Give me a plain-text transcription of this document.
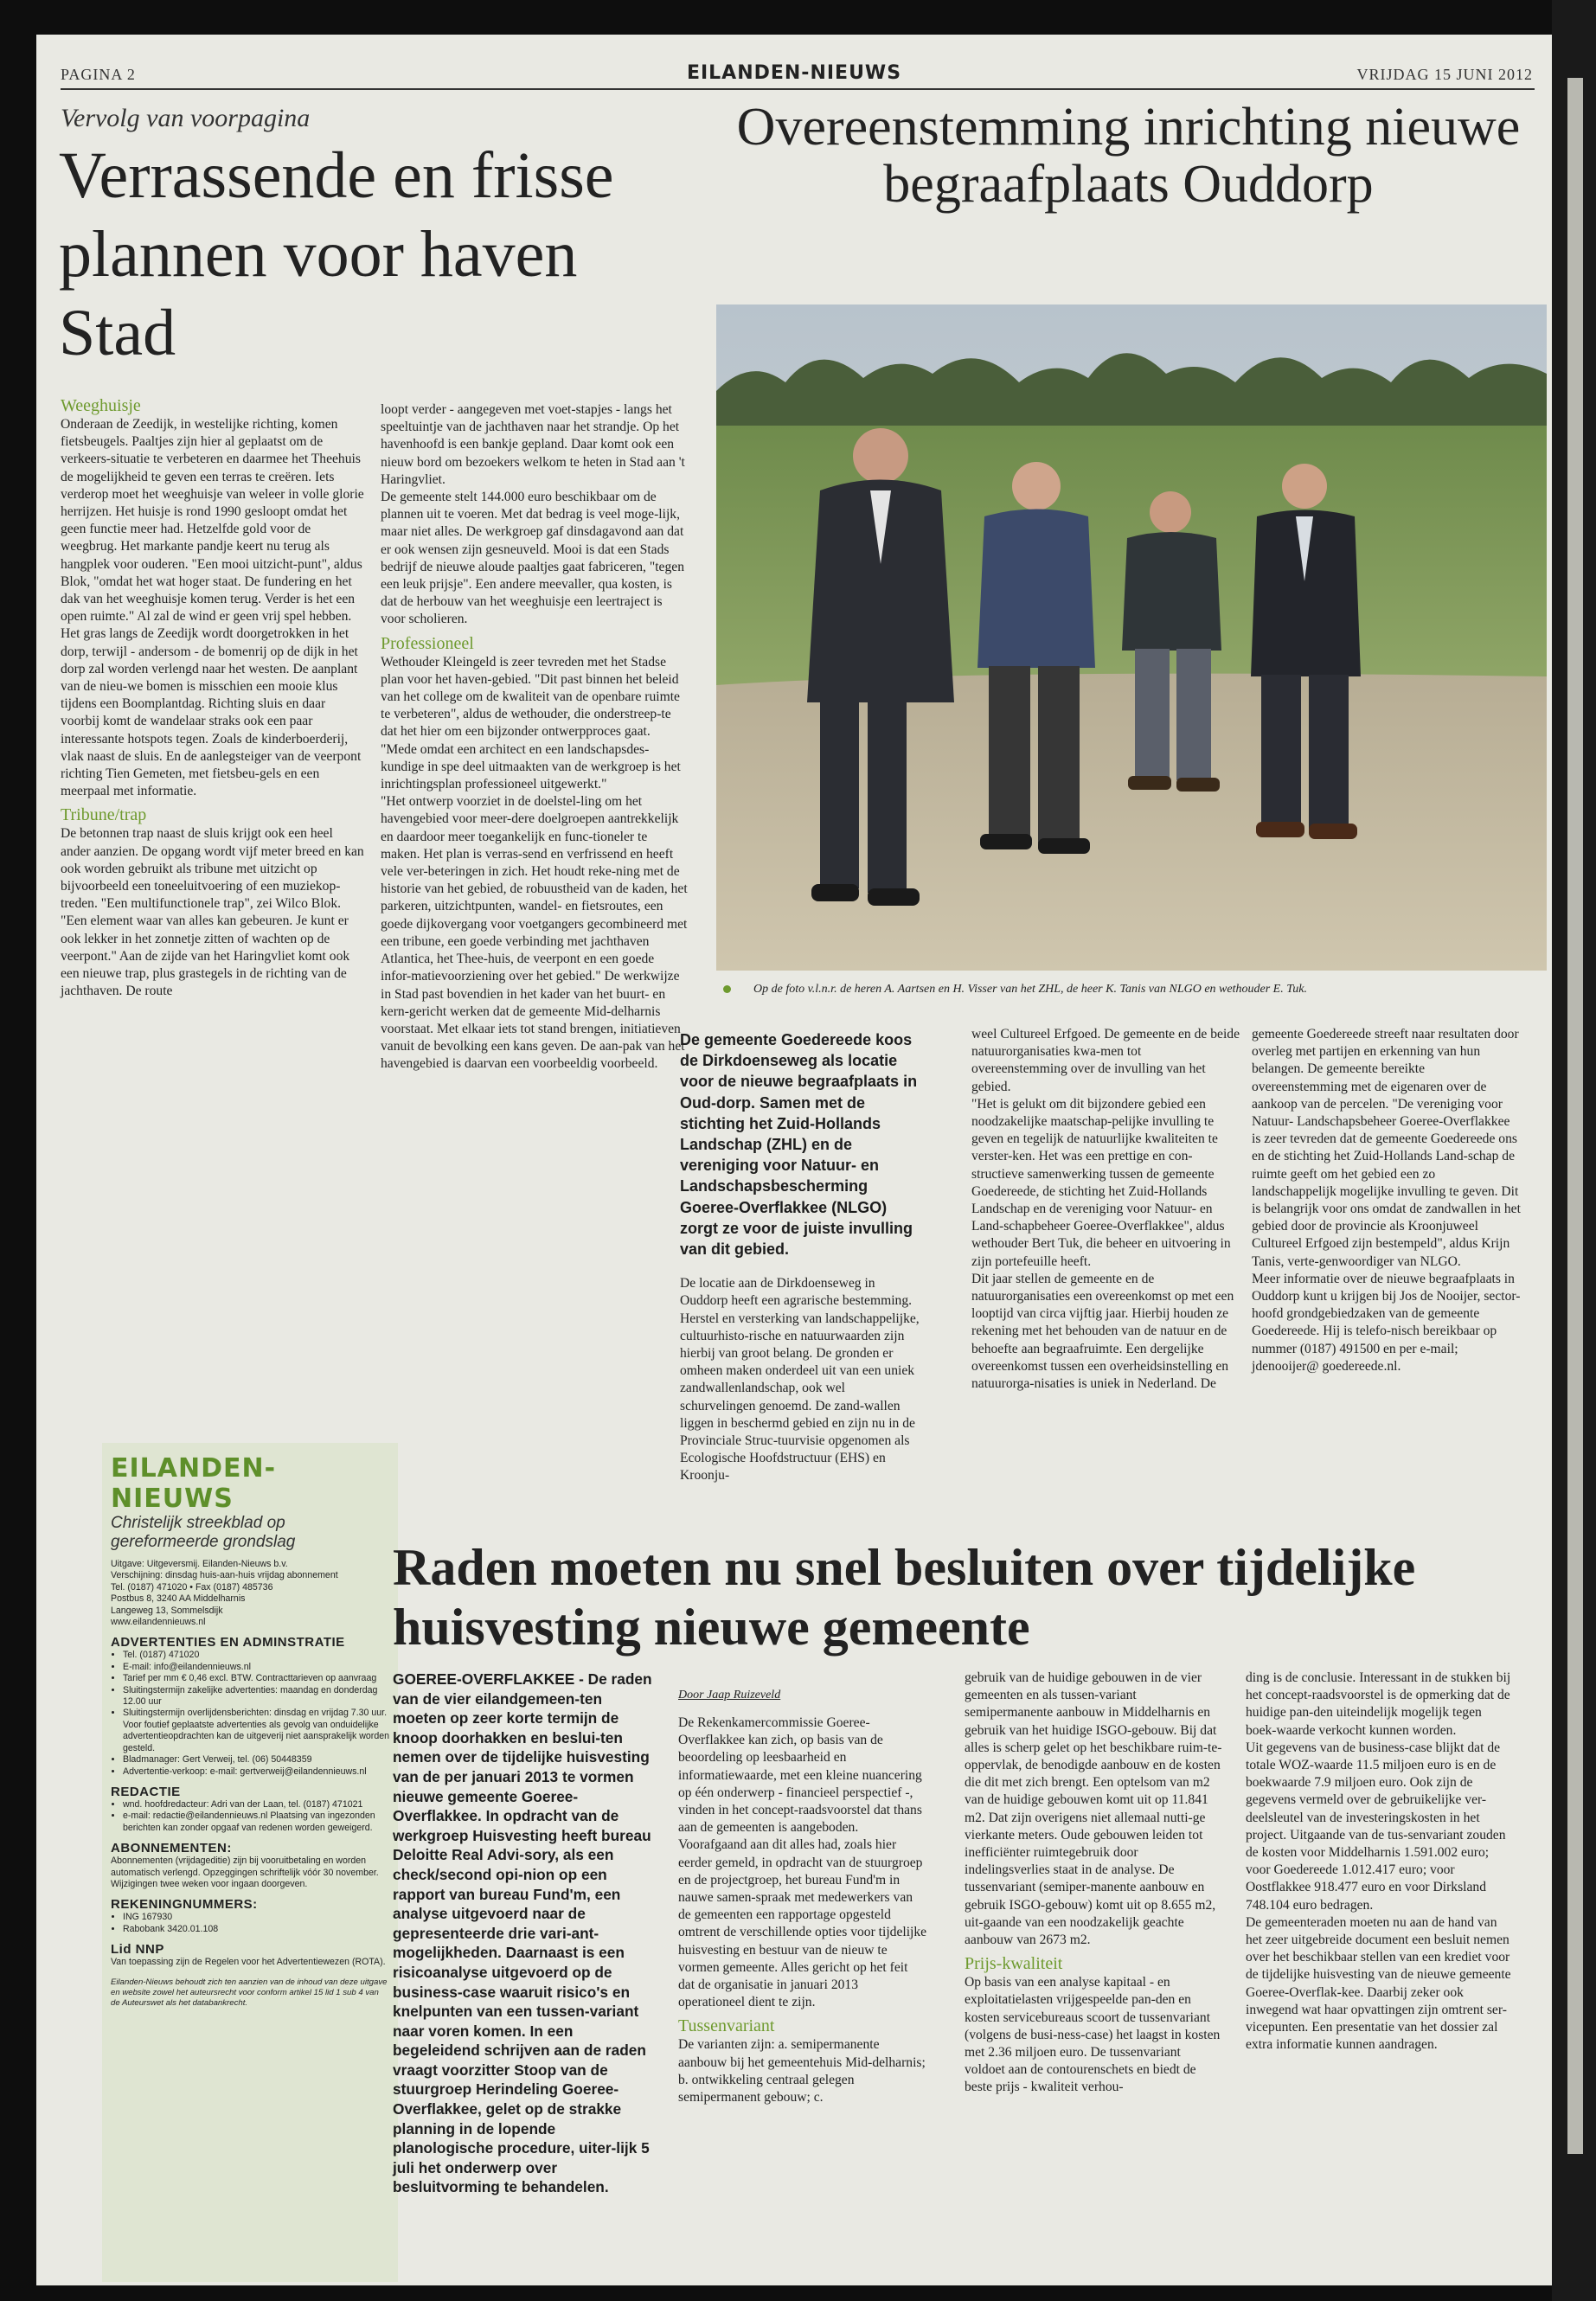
PAGINA 2	EILANDEN-NIEUWS	VRIJDAG 15 JUNI 2012
Vervolg van voorpagina
Verrassende en frisse plannen voor haven Stad
Weeghuisje
Onderaan de Zeedijk, in westelijke richting, komen fietsbeugels. Paaltjes zijn hier al geplaatst om de verkeers-situatie te verbeteren en daarmee het Theehuis de mogelijkheid te geven een terras te creëren. Iets verderop moet het weeghuisje van weleer in volle glorie herrijzen. Het huisje is rond 1990 gesloopt omdat het geen functie meer had. Hetzelfde gold voor de weegbrug. Het markante pandje keert nu terug als hangplek voor ouderen. "Een mooi uitzicht-punt", aldus Blok, "omdat het wat hoger staat. De fundering en het dak van het weeghuisje komen terug. Verder is het een open ruimte." Al zal de wind er geen vrij spel hebben. Het gras langs de Zeedijk wordt doorgetrokken in het dorp, terwijl - andersom - de bomenrij op de dijk in het dorp zal worden verlengd naar het westen. De aanplant van de nieu-we bomen is misschien een mooie klus tijdens een Boomplantdag. Richting sluis en daar voorbij komt de wandelaar straks ook een paar interessante hotspots tegen. Zoals de kinderboerderij, vlak naast de sluis. En de aanlegsteiger van de veerpont richting Tien Gemeten, met fietsbeu-gels en een meerpaal met informatie.
Tribune/trap
De betonnen trap naast de sluis krijgt ook een heel ander aanzien. De opgang wordt vijf meter breed en kan ook worden gebruikt als tribune met uitzicht op bijvoorbeeld een toneeluitvoering of een muziekop-treden. "Een multifunctionele trap", zei Wilco Blok. "Een element waar van alles kan gebeuren. Je kunt er ook lekker in het zonnetje zitten of wachten op de veerpont." Aan de zijde van het Haringvliet komt ook een nieuwe trap, plus grastegels in de richting van de jachthaven. De route
loopt verder - aangegeven met voet-stapjes - langs het speeltuintje van de jachthaven naar het strandje. Op het havenhoofd is een bankje gepland. Daar komt ook een nieuw bord om bezoekers welkom te heten in Stad aan 't Haringvliet.
De gemeente stelt 144.000 euro beschikbaar om de plannen uit te voeren. Met dat bedrag is veel moge-lijk, maar niet alles. De werkgroep gaf dinsdagavond aan dat er ook wensen zijn gesneuveld. Mooi is dat een Stads bedrijf de nieuwe aloude paaltjes gaat fabriceren, "tegen een leuk prijsje". Een andere meevaller, qua kosten, is dat de herbouw van het weeghuisje een leertraject is voor scholieren.
Professioneel
Wethouder Kleingeld is zeer tevreden met het Stadse plan voor het haven-gebied. "Dit past binnen het beleid van het college om de kwaliteit van de openbare ruimte te verbeteren", aldus de wethouder, die onderstreep-te dat het hier om een bijzonder ontwerpproces gaat. "Mede omdat een architect en een landschapsdes-kundige in spe deel uitmaakten van de werkgroep is het inrichtingsplan professioneel uitgewerkt."
"Het ontwerp voorziet in de doelstel-ling om het havengebied voor meer-dere doelgroepen aantrekkelijk en daardoor meer toegankelijk en func-tioneler te maken. Het plan is verras-send en verfrissend en heeft vele ver-beteringen in zich. Het houdt reke-ning met de historie van het gebied, de robuustheid van de kaden, het parkeren, uitzichtpunten, wandel- en fietsroutes, een goede dijkovergang voor voetgangers gecombineerd met een tribune, een goede verbinding met jachthaven Atlantica, het Thee-huis, de veerpont en een goede infor-matievoorziening over het gebied." De werkwijze in Stad past bovendien in het kader van het buurt- en kern-gericht werken dat de gemeente Mid-delharnis voorstaat. Met elkaar iets tot stand brengen, initiatieven vanuit de bevolking een kans geven. De aan-pak van het havengebied is daarvan een voorbeeldig voorbeeld.
EILANDEN-NIEUWS
Christelijk streekblad op gereformeerde grondslag
Uitgave: Uitgeversmij. Eilanden-Nieuws b.v.
Verschijning: dinsdag huis-aan-huis vrijdag abonnement
Tel. (0187) 471020 • Fax (0187) 485736
Postbus 8, 3240 AA Middelharnis
Langeweg 13, Sommelsdijk
www.eilandennieuws.nl
ADVERTENTIES EN ADMINSTRATIE
• Tel. (0187) 471020
• E-mail: info@eilandennieuws.nl
• Tarief per mm € 0,46 excl. BTW. Contracttarieven op aanvraag
• Sluitingstermijn zakelijke advertenties: maandag en donderdag 12.00 uur
• Sluitingstermijn overlijdensberichten: dinsdag en vrijdag 7.30 uur. Voor foutief geplaatste advertenties als gevolg van onduidelijke advertentieopdrachten kan de uitgeverij niet aansprakelijk worden gesteld.
• Bladmanager: Gert Verweij, tel. (06) 50448359
• Advertentie-verkoop: e-mail: gertverweij@eilandennieuws.nl
REDACTIE
• wnd. hoofdredacteur: Adri van der Laan, tel. (0187) 471021
• e-mail: redactie@eilandennieuws.nl Plaatsing van ingezonden berichten kan zonder opgaaf van redenen worden geweigerd.
ABONNEMENTEN:
Abonnementen (vrijdageditie) zijn bij vooruitbetaling en worden automatisch verlengd. Opzeggingen schriftelijk vóór 30 november. Wijzigingen twee weken voor ingaan doorgeven.
REKENINGNUMMERS:
• ING 167930
• Rabobank 3420.01.108
Lid NNP
Van toepassing zijn de Regelen voor het Advertentiewezen (ROTA).
Eilanden-Nieuws behoudt zich ten aanzien van de inhoud van deze uitgave en website zowel het auteursrecht voor conform artikel 15 lid 1 sub 4 van de Auteurswet als het databankrecht.
Overeenstemming inrichting nieuwe begraafplaats Ouddorp
Op de foto v.l.n.r. de heren A. Aartsen en H. Visser van het ZHL, de heer K. Tanis van NLGO en wethouder E. Tuk.
De gemeente Goedereede koos de Dirkdoenseweg als locatie voor de nieuwe begraafplaats in Oud-dorp. Samen met de stichting het Zuid-Hollands Landschap (ZHL) en de vereniging voor Natuur- en Landschapsbescherming Goeree-Overflakkee (NLGO) zorgt ze voor de juiste invulling van dit gebied.
De locatie aan de Dirkdoenseweg in Ouddorp heeft een agrarische bestemming. Herstel en versterking van landschappelijke, cultuurhisto-rische en natuurwaarden zijn hierbij van groot belang. De gronden er omheen maken onderdeel uit van een uniek zandwallenlandschap, ook wel schurvelingen genoemd. De zand-wallen liggen in beschermd gebied en zijn nu in de Provinciale Struc-tuurvisie opgenomen als Ecologische Hoofdstructuur (EHS) en Kroonju-
weel Cultureel Erfgoed. De gemeente en de beide natuurorganisaties kwa-men tot overeenstemming over de invulling van het gebied.
"Het is gelukt om dit bijzondere gebied een noodzakelijke maatschap-pelijke invulling te geven en tegelijk de natuurlijke kwaliteiten te verster-ken. Het was een prettige en con-structieve samenwerking tussen de gemeente Goedereede, de stichting het Zuid-Hollands Landschap en de vereniging voor Natuur- en Land-schapbeheer Goeree-Overflakkee", aldus wethouder Bert Tuk, die beheer en uitvoering in zijn portefeuille heeft.
Dit jaar stellen de gemeente en de natuurorganisaties een overeenkomst op met een looptijd van circa vijftig jaar. Hierbij houden ze rekening met het behouden van de natuur en de behoefte aan begraafruimte. Een dergelijke overeenkomst tussen een overheidsinstelling en natuurorga-nisaties is uniek in Nederland. De
gemeente Goedereede streeft naar resultaten door overleg met partijen en erkenning van hun belangen. De gemeente bereikte overeenstemming met de eigenaren over de aankoop van de percelen. "De vereniging voor Natuur- Landschapsbeheer Goeree-Overflakkee is zeer tevreden dat de gemeente Goedereede ons en de stichting het Zuid-Hollands Land-schap de ruimte geeft om het gebied een zo landschappelijk mogelijke invulling te geven. Dit is belangrijk voor ons omdat de zandwallen in het gebied door de provincie als Kroonjuweel Cultureel Erfgoed zijn bestempeld", aldus Krijn Tanis, verte-genwoordiger van NLGO.
Meer informatie over de nieuwe begraafplaats in Ouddorp kunt u krijgen bij Jos de Nooijer, sector-hoofd grondgebiedzaken van de gemeente Goedereede. Hij is telefo-nisch bereikbaar op nummer (0187) 491500 en per e-mail; jdenooijer@ goedereede.nl.
Raden moeten nu snel besluiten over tijdelijke huisvesting nieuwe gemeente
GOEREE-OVERFLAKKEE - De raden van de vier eilandgemeen-ten moeten op zeer korte termijn de knoop doorhakken en beslui-ten nemen over de tijdelijke huisvesting van de per januari 2013 te vormen nieuwe gemeente Goeree-Overflakkee. In opdracht van de werkgroep Huisvesting heeft bureau Deloitte Real Advi-sory, als een check/second opi-nion op een rapport van bureau Fund'm, een analyse uitgevoerd naar de gepresenteerde drie vari-ant-mogelijkheden. Daarnaast is een risicoanalyse uitgevoerd op de business-case waaruit risico's en knelpunten van een tussen-variant naar voren komen. In een begeleidend schrijven aan de raden vraagt voorzitter Stoop van de stuurgroep Herindeling Goeree-Overflakkee, gelet op de strakke planning in de lopende planologische procedure, uiter-lijk 5 juli het onderwerp over besluitvorming te behandelen.
Door Jaap Ruizeveld
De Rekenkamercommissie Goeree-Overflakkee kan zich, op basis van de beoordeling op leesbaarheid en informatiewaarde, met een kleine nuancering op één onderwerp - financieel perspectief -, vinden in het concept-raadsvoorstel dat thans aan de gemeenten is aangeboden. Voorafgaand aan dit alles had, zoals hier eerder gemeld, in opdracht van de stuurgroep en de projectgroep, het bureau Fund'm in nauwe samen-spraak met medewerkers van de gemeenten een rapportage opgesteld omtrent de verschillende opties voor tijdelijke huisvesting en bestuur van de nieuw te vormen gemeente. Alles gericht op het feit dat de organisatie in januari 2013 operationeel dient te zijn.
Tussenvariant
De varianten zijn: a. semipermanente aanbouw bij het gemeentehuis Mid-delharnis; b. ontwikkeling centraal gelegen semipermanent gebouw; c.
gebruik van de huidige gebouwen in de vier gemeenten en als tussen-variant semipermanente aanbouw in Middelharnis en gebruik van het huidige ISGO-gebouw. Bij dat alles is scherp gelet op het beschikbare ruim-te-oppervlak, de benodigde aanbouw en de kosten die dit met zich brengt. Een optelsom van m2 van de huidige gebouwen komt uit op 11.841 m2. Dat zijn overigens niet allemaal nutti-ge vierkante meters. Oude gebouwen leiden tot inefficiënter ruimtegebruik door indelingsverlies staat in de analyse. De tussenvariant (semiper-manente aanbouw en gebruik ISGO-gebouw) komt uit op 8.655 m2, uit-gaande van een noodzakelijk geachte aanbouw van 2673 m2.
Prijs-kwaliteit
Op basis van een analyse kapitaal - en exploitatielasten vrijgespeelde pan-den en kosten servicebureaus scoort de tussenvariant (volgens de busi-ness-case) het laagst in kosten met 2.36 miljoen euro. De tussenvariant voldoet aan de contourenschets en biedt de beste prijs - kwaliteit verhou-
ding is de conclusie. Interessant in de stukken bij het concept-raadsvoorstel is de opmerking dat de huidige pan-den uiteindelijk mogelijk tegen boek-waarde verkocht kunnen worden.
Uit gegevens van de business-case blijkt dat de totale WOZ-waarde 11.5 miljoen euro is en de boekwaarde 7.9 miljoen euro. Ook zijn de gegevens vermeld over de gebruikelijke ver-deelsleutel van de investeringskosten in het project. Uitgaande van de tus-senvariant zouden de kosten voor Middelharnis 1.591.002 euro; voor Goedereede 1.012.417 euro; voor Oostflakkee 918.477 euro en voor Dirksland 748.104 euro bedragen.
De gemeenteraden moeten nu aan de hand van het zeer uitgebreide document een besluit nemen over het beschikbaar stellen van een krediet voor de tijdelijke huisvesting van de nieuwe gemeente Goeree-Overflak-kee. Daarbij zeker ook inwegend wat haar opvattingen zijn omtrent ser-vicepunten. Een presentatie van het dossier zal extra informatie kunnen aandragen.
